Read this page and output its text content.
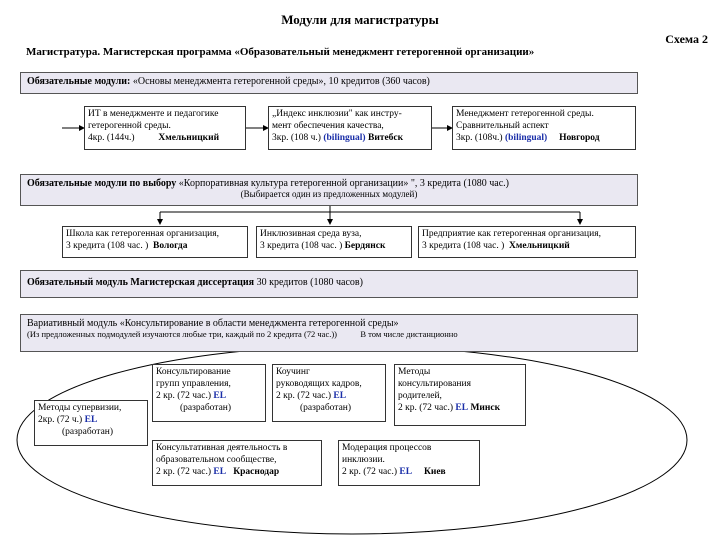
Модули для магистратуры
Схема 2
Магистратура. Магистерская программа «Образовательный менеджмент гетерогенной организации»
Обязательные модули: «Основы менеджмента гетерогенной среды», 10 кредитов (360 часов)
ИТ в менеджменте и педагогике
гетерогенной среды.
4кр. (144ч.)	Хмельницкий
„Индекс инклюзии" как инстру-
мент обеспечения качества,
3кр. (108 ч.) (bilingual) Витебск
Менеджмент гетерогенной среды.
Сравнительный аспект
3кр. (108ч.) (bilingual) Новгород
Обязательные модули по выбору «Корпоративная культура гетерогенной организации» ", 3 кредита (1080 час.)
(Выбирается один из предложенных модулей)
Школа как гетерогенная организация,
3 кредита (108 час. ) Вологда
Инклюзивная среда вуза,
3 кредита (108 час. ) Бердянск
Предприятие как гетерогенная организация,
3 кредита (108 час. ) Хмельницкий
Обязательный модуль Магистерская диссертация 30 кредитов (1080 часов)
Вариативный модуль «Консультирование в области менеджмента гетерогенной среды»
(Из предложенных подмодулей изучаются любые три, каждый по 2 кредита (72 час.))	В том числе дистанционно
Методы супервизии,
2кр. (72 ч.) EL
(разработан)
Консультирование
групп управления,
2 кр. (72 час.) EL
(разработан)
Коучинг
руководящих кадров,
2 кр. (72 час.) EL
(разработан)
Методы
консультирования
родителей,
2 кр. (72 час.) EL Минск
Консультативная деятельность в
образовательном сообществе,
2 кр. (72 час.) EL Краснодар
Модерация процессов
инклюзии.
2 кр. (72 час.) EL Киев
